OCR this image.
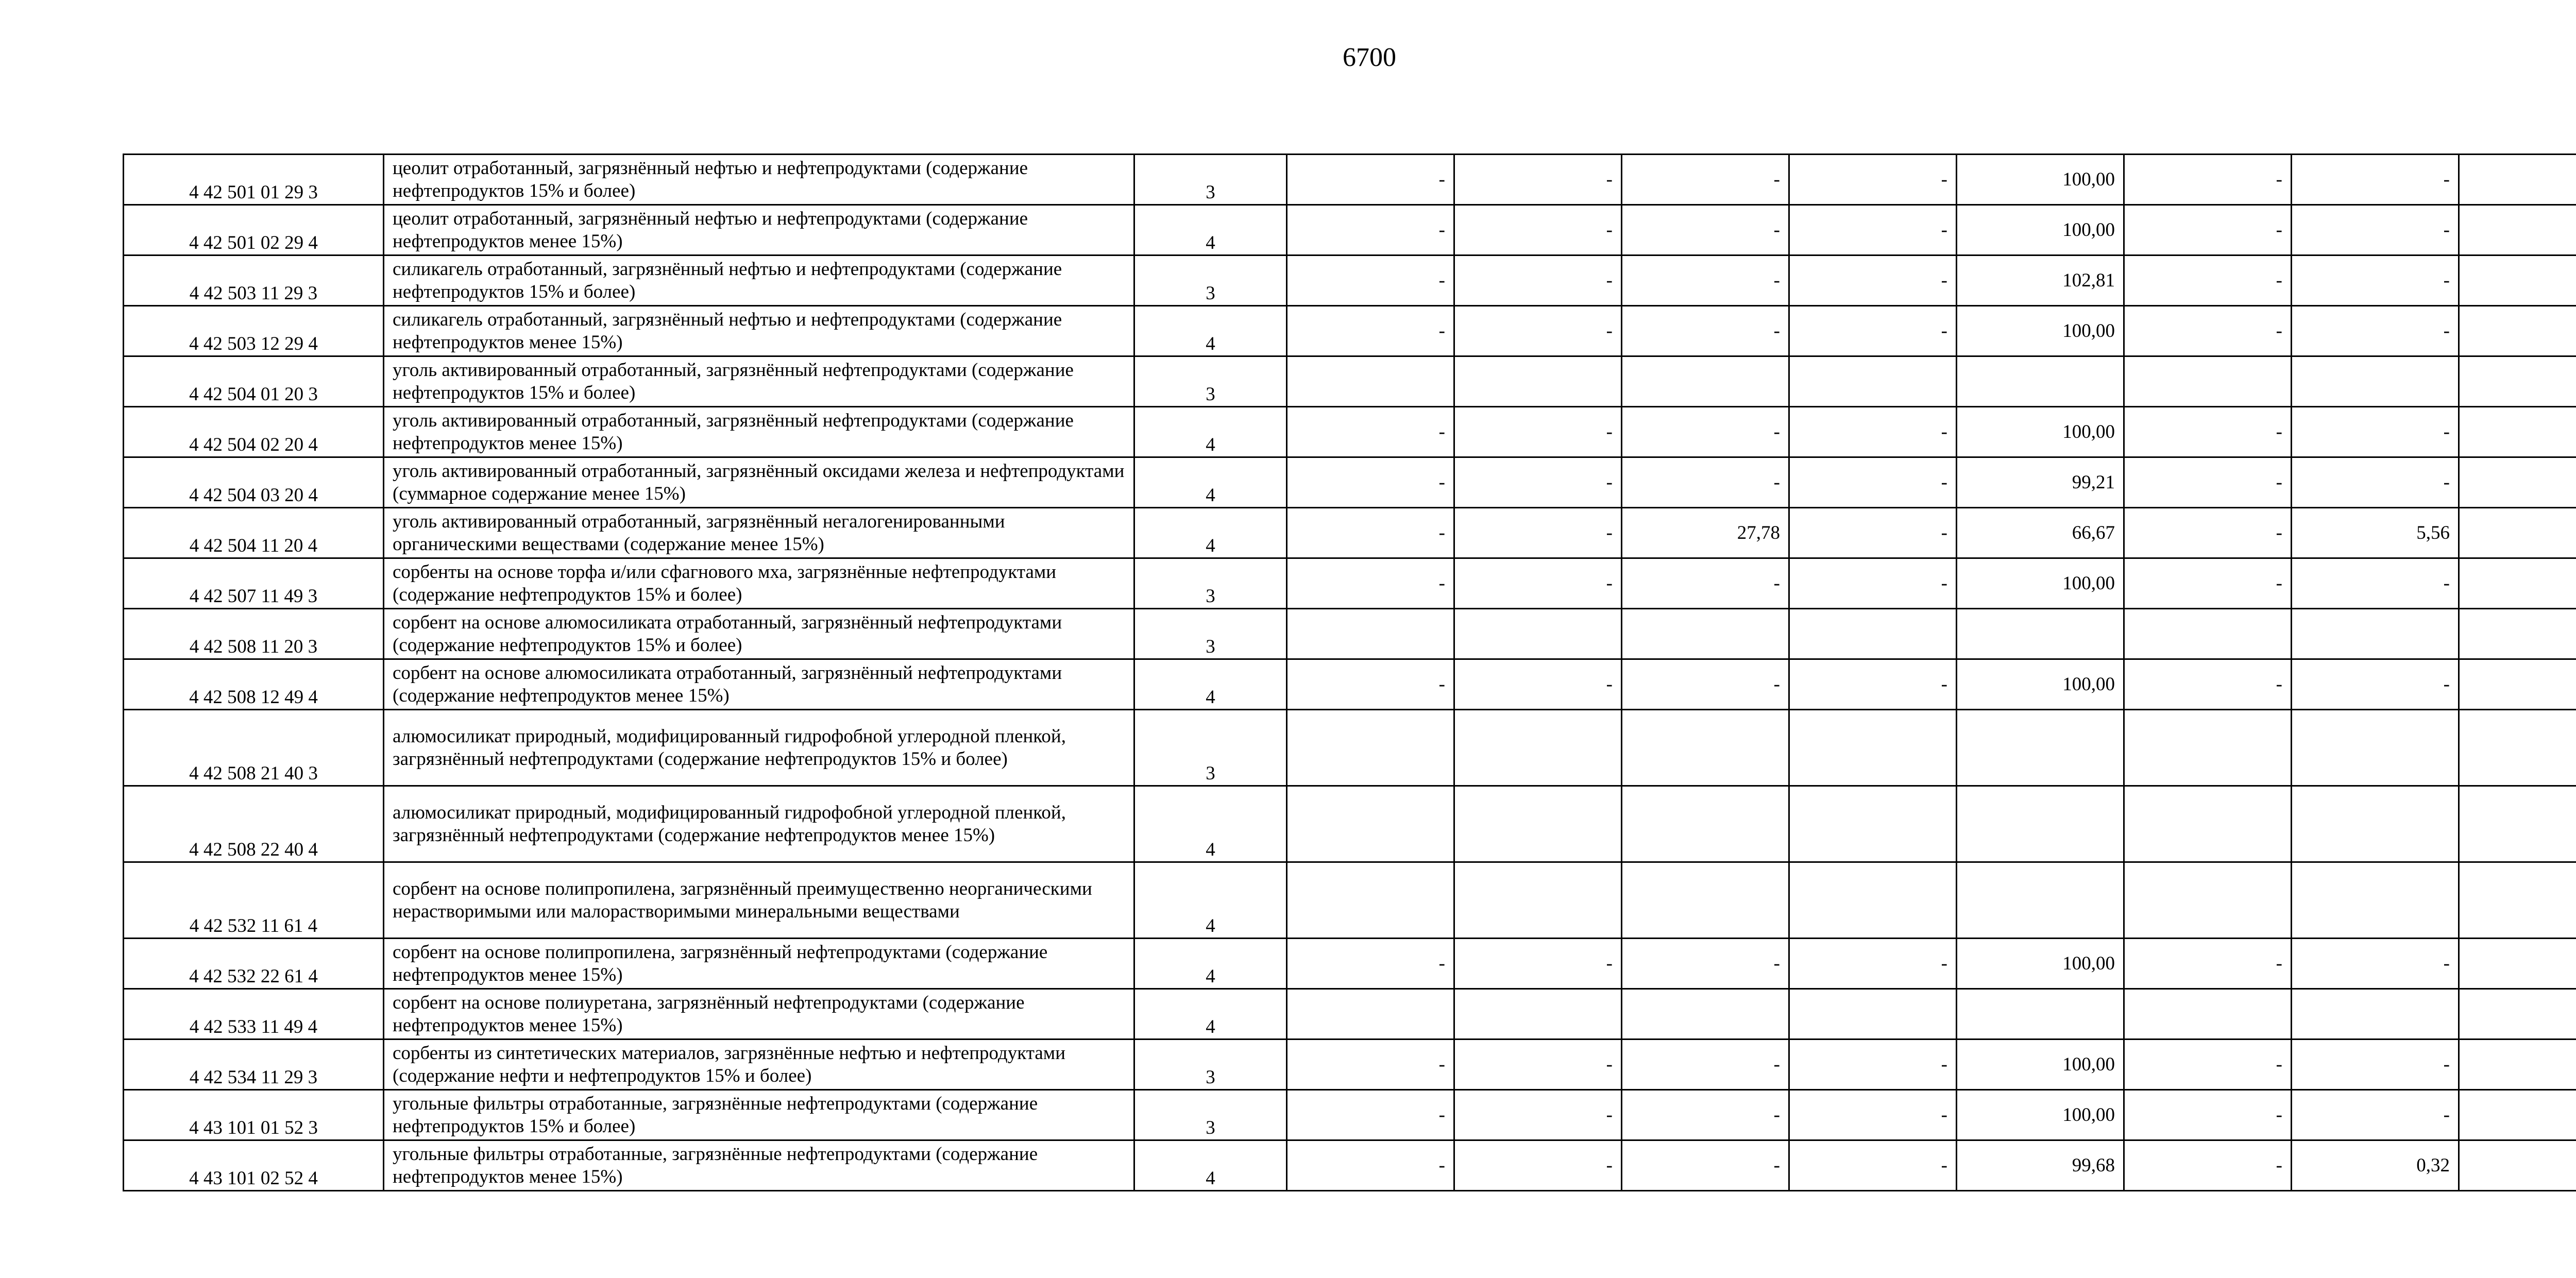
6700
4 42 501 01 29 3	цеолит отработанный, загрязнённый нефтью и нефтепродуктами (содержание нефтепродуктов 15% и более)	3	-	-	-	-	100,00	-	-	
4 42 501 02 29 4	цеолит отработанный, загрязнённый нефтью и нефтепродуктами (содержание нефтепродуктов менее 15%)	4	-	-	-	-	100,00	-	-	
4 42 503 11 29 3	силикагель отработанный, загрязнённый нефтью и нефтепродуктами (содержание нефтепродуктов 15% и более)	3	-	-	-	-	102,81	-	-	
4 42 503 12 29 4	силикагель отработанный, загрязнённый нефтью и нефтепродуктами (содержание нефтепродуктов менее 15%)	4	-	-	-	-	100,00	-	-	
4 42 504 01 20 3	уголь активированный отработанный, загрязнённый нефтепродуктами (содержание нефтепродуктов 15% и более)	3								
4 42 504 02 20 4	уголь активированный отработанный, загрязнённый нефтепродуктами (содержание нефтепродуктов менее 15%)	4	-	-	-	-	100,00	-	-	
4 42 504 03 20 4	уголь активированный отработанный, загрязнённый оксидами железа и нефтепродуктами (суммарное содержание менее 15%)	4	-	-	-	-	99,21	-	-	
4 42 504 11 20 4	уголь активированный отработанный, загрязнённый негалогенированными органическими веществами (содержание менее 15%)	4	-	-	27,78	-	66,67	-	5,56	
4 42 507 11 49 3	сорбенты на основе торфа и/или сфагнового мха, загрязнённые нефтепродуктами (содержание нефтепродуктов 15% и более)	3	-	-	-	-	100,00	-	-	
4 42 508 11 20 3	сорбент на основе алюмосиликата отработанный, загрязнённый нефтепродуктами (содержание нефтепродуктов 15% и более)	3								
4 42 508 12 49 4	сорбент на основе алюмосиликата отработанный, загрязнённый нефтепродуктами (содержание нефтепродуктов менее 15%)	4	-	-	-	-	100,00	-	-	
4 42 508 21 40 3	алюмосиликат природный, модифицированный гидрофобной углеродной пленкой, загрязнённый нефтепродуктами (содержание нефтепродуктов 15% и более)	3								
4 42 508 22 40 4	алюмосиликат природный, модифицированный гидрофобной углеродной пленкой, загрязнённый нефтепродуктами (содержание нефтепродуктов менее 15%)	4								
4 42 532 11 61 4	сорбент на основе полипропилена, загрязнённый преимущественно неорганическими нерастворимыми или малорастворимыми минеральными веществами	4								
4 42 532 22 61 4	сорбент на основе полипропилена, загрязнённый нефтепродуктами (содержание нефтепродуктов менее 15%)	4	-	-	-	-	100,00	-	-	
4 42 533 11 49 4	сорбент на основе полиуретана, загрязнённый нефтепродуктами (содержание нефтепродуктов менее 15%)	4								
4 42 534 11 29 3	сорбенты из синтетических материалов, загрязнённые нефтью и нефтепродуктами (содержание нефти и нефтепродуктов 15% и более)	3	-	-	-	-	100,00	-	-	
4 43 101 01 52 3	угольные фильтры отработанные, загрязнённые нефтепродуктами (содержание нефтепродуктов 15% и более)	3	-	-	-	-	100,00	-	-	
4 43 101 02 52 4	угольные фильтры отработанные, загрязнённые нефтепродуктами (содержание нефтепродуктов менее 15%)	4	-	-	-	-	99,68	-	0,32	
